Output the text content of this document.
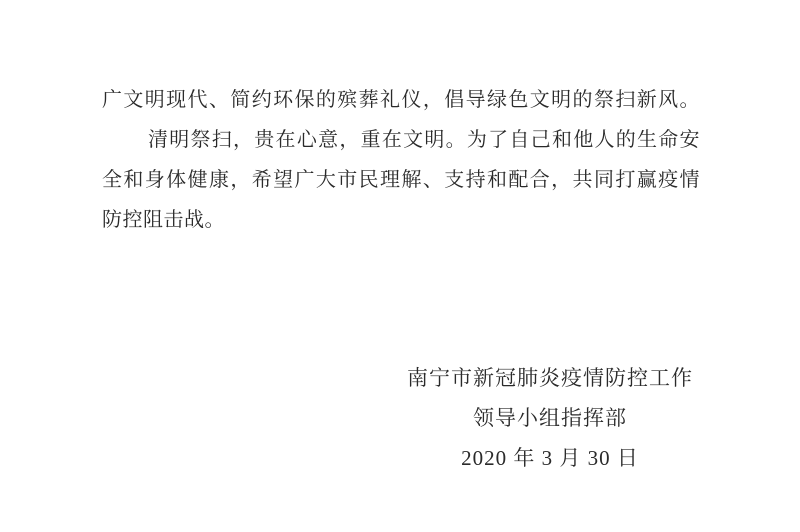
广文明现代、简约环保的殡葬礼仪，倡导绿色文明的祭扫新风。
清明祭扫，贵在心意，重在文明。为了自己和他人的生命安
全和身体健康，希望广大市民理解、支持和配合，共同打赢疫情
防控阻击战。
南宁市新冠肺炎疫情防控工作
领导小组指挥部
2020 年 3 月 30 日
